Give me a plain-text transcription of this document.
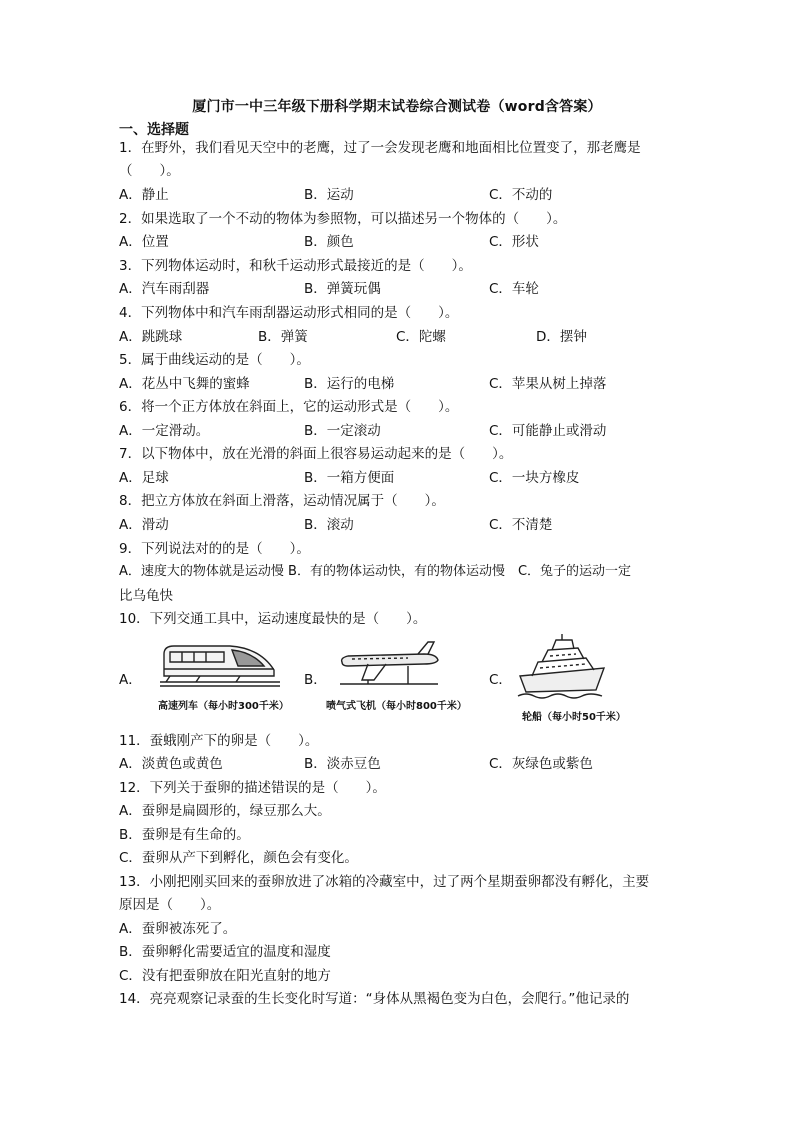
厦门市一中三年级下册科学期末试卷综合测试卷（word含答案）
一、选择题
1．在野外，我们看见天空中的老鹰，过了一会发现老鹰和地面相比位置变了，那老鹰是
（　　）。
A．静止	B．运动	C．不动的
2．如果选取了一个不动的物体为参照物，可以描述另一个物体的（　　）。
A．位置	B．颜色	C．形状
3．下列物体运动时，和秋千运动形式最接近的是（　　）。
A．汽车雨刮器	B．弹簧玩偶	C．车轮
4．下列物体中和汽车雨刮器运动形式相同的是（　　）。
A．跳跳球	B．弹簧	C．陀螺	D．摆钟
5．属于曲线运动的是（　　）。
A．花丛中飞舞的蜜蜂	B．运行的电梯	C．苹果从树上掉落
6．将一个正方体放在斜面上，它的运动形式是（　　）。
A．一定滑动。	B．一定滚动	C．可能静止或滑动
7．以下物体中，放在光滑的斜面上很容易运动起来的是（　　）。
A．足球	B．一箱方便面	C．一块方橡皮
8．把立方体放在斜面上滑落，运动情况属于（　　）。
A．滑动	B．滚动	C．不清楚
9．下列说法对的的是（　　）。
A．速度大的物体就是运动慢 B．有的物体运动快，有的物体运动慢　C．兔子的运动一定
比乌龟快
10．下列交通工具中，运动速度最快的是（　　）。
A．	B．	C．
高速列车（每小时300千米）	喷气式飞机（每小时800千米）
轮船（每小时50千米）
11．蚕蛾刚产下的卵是（　　）。
A．淡黄色或黄色	B．淡赤豆色	C．灰绿色或紫色
12．下列关于蚕卵的描述错误的是（　　）。
A．蚕卵是扁圆形的，绿豆那么大。
B．蚕卵是有生命的。
C．蚕卵从产下到孵化，颜色会有变化。
13．小刚把刚买回来的蚕卵放进了冰箱的冷藏室中，过了两个星期蚕卵都没有孵化，主要
原因是（　　）。
A．蚕卵被冻死了。
B．蚕卵孵化需要适宜的温度和湿度
C．没有把蚕卵放在阳光直射的地方
14．亮亮观察记录蚕的生长变化时写道：“身体从黑褐色变为白色，会爬行。”他记录的
